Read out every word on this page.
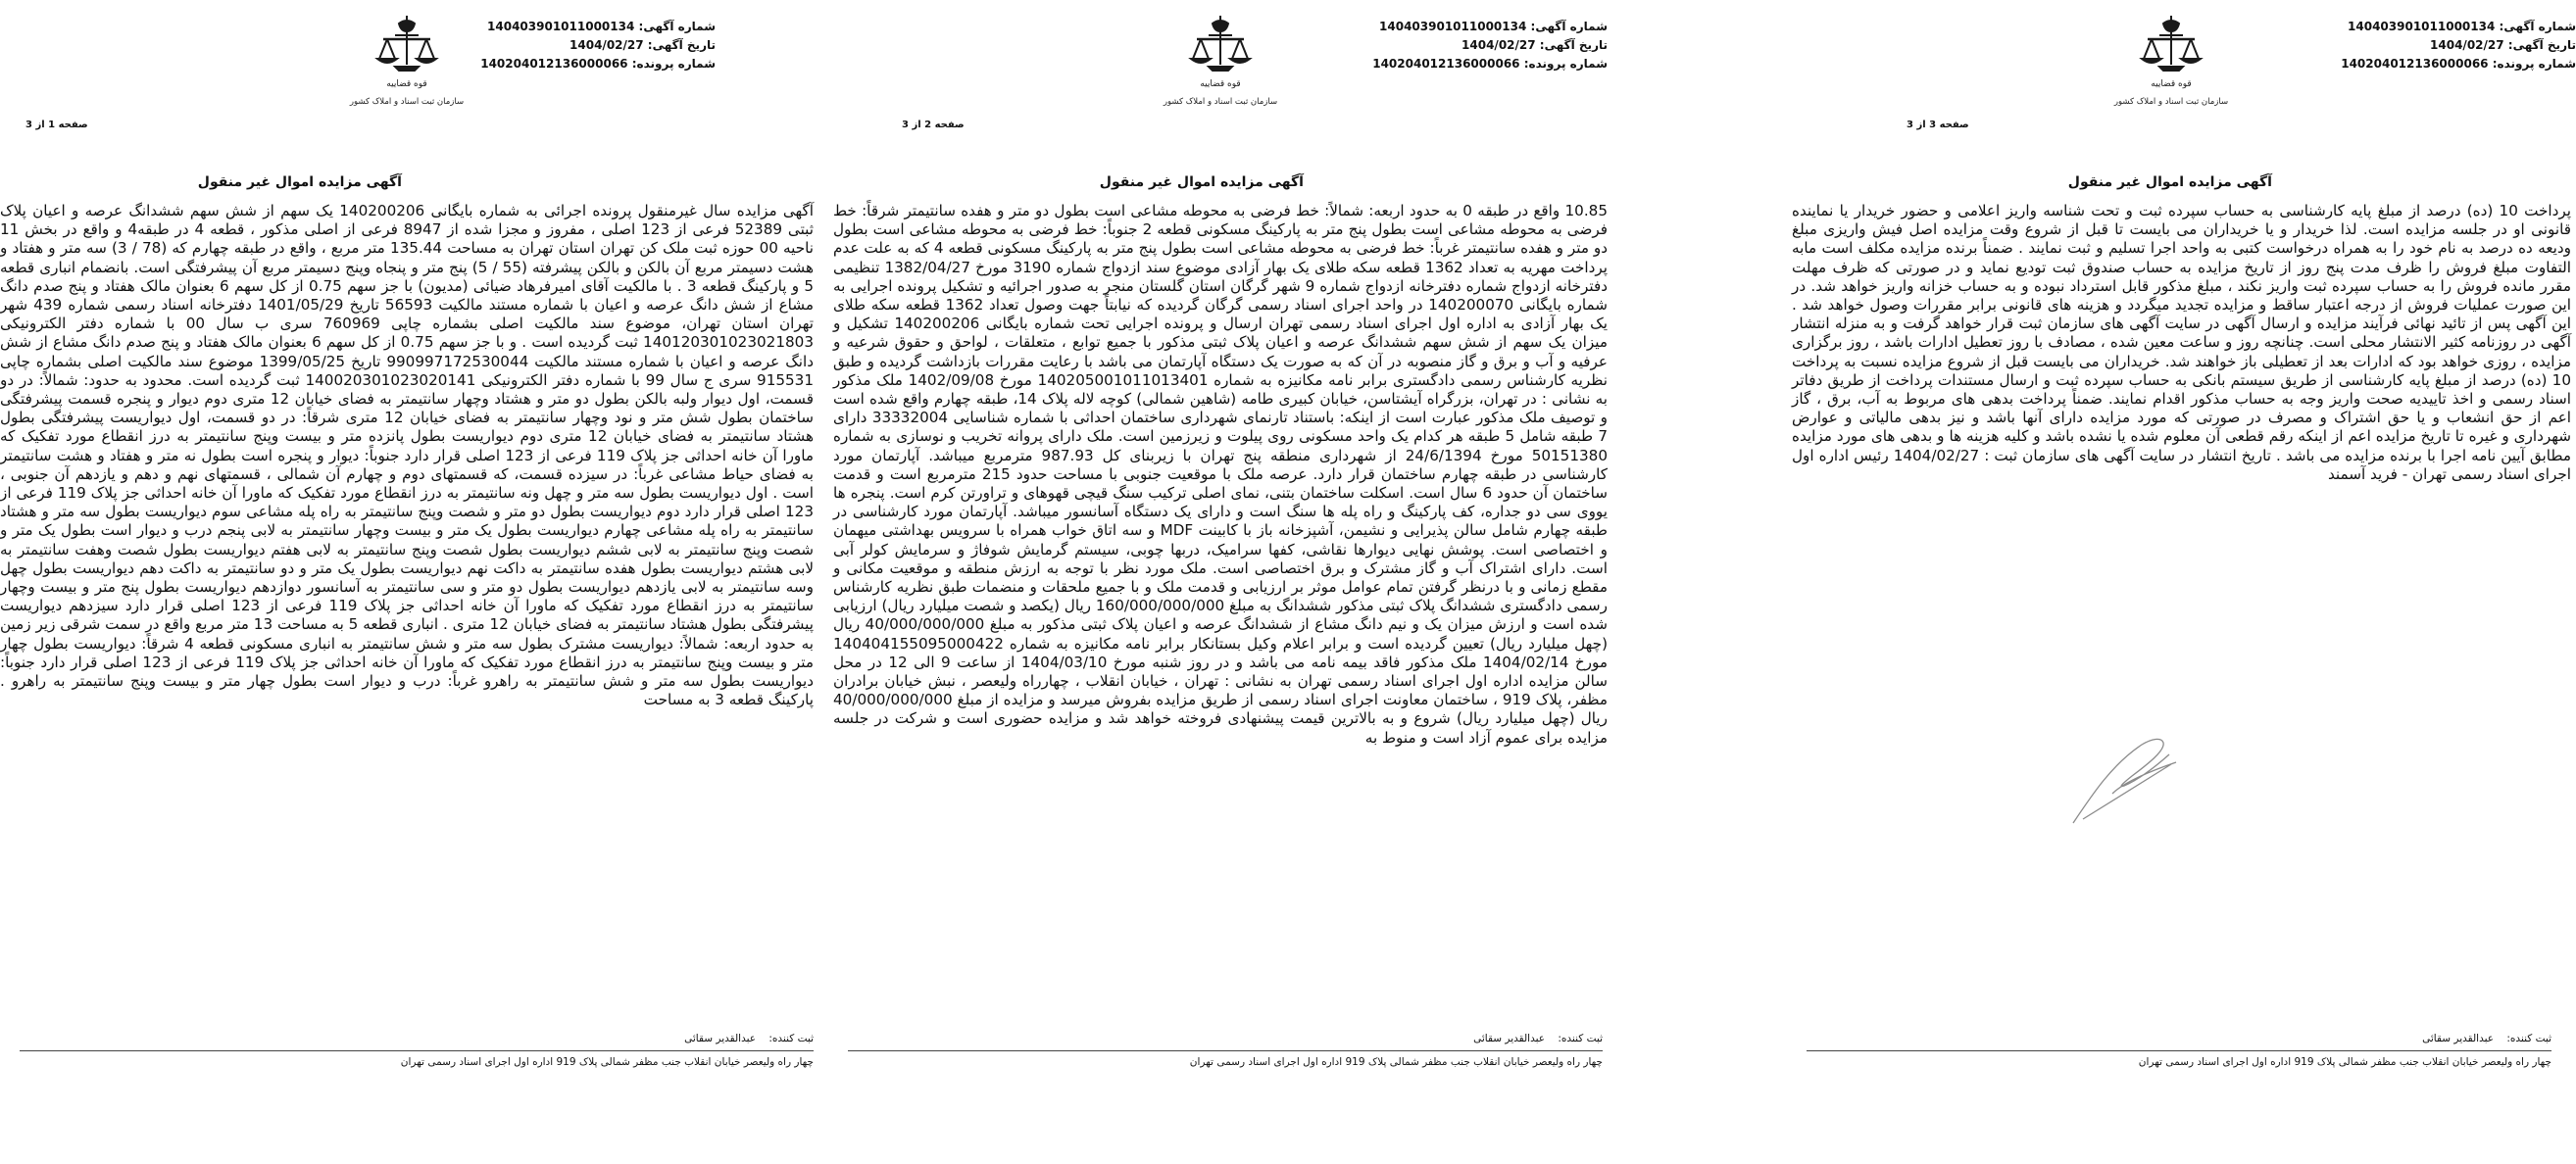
قوه قضاییه
سازمان ثبت اسناد و املاک کشور
شماره آگهی: 140403901011000134
تاریخ آگهی: 1404/02/27
شماره پرونده: 140204012136000066
صفحه 3 از 3
آگهی مزایده اموال غیر منقول
پرداخت 10 (ده) درصد از مبلغ پایه کارشناسی به حساب سپرده ثبت و تحت شناسه واریز اعلامی و حضور خریدار یا نماینده قانونی او در جلسه مزایده است. لذا خریدار و یا خریداران می بایست تا قبل از شروع وقت مزایده اصل فیش واریزی مبلغ ودیعه ده درصد به نام خود را به همراه درخواست کتبی به واحد اجرا تسلیم و ثبت نمایند . ضمناً برنده مزایده مکلف است مابه التفاوت مبلغ فروش را ظرف مدت پنج روز از تاریخ مزایده به حساب صندوق ثبت تودیع نماید و در صورتی که ظرف مهلت مقرر مانده فروش را به حساب سپرده ثبت واریز نکند ، مبلغ مذکور قابل استرداد نبوده و به حساب خزانه واریز خواهد شد. در این صورت عملیات فروش از درجه اعتبار ساقط و مزایده تجدید میگردد و هزینه های قانونی برابر مقررات وصول خواهد شد . این آگهی پس از تائید نهائی فرآیند مزایده و ارسال آگهی در سایت آگهی های سازمان ثبت قرار خواهد گرفت و به منزله انتشار آگهی در روزنامه کثیر الانتشار محلی است. چنانچه روز و ساعت معین شده ، مصادف با روز تعطیل ادارات باشد ، روز برگزاری مزایده ، روزی خواهد بود که ادارات بعد از تعطیلی باز خواهند شد. خریداران می بایست قبل از شروع مزایده نسبت به پرداخت 10 (ده) درصد از مبلغ پایه کارشناسی از طریق سیستم بانکی به حساب سپرده ثبت و ارسال مستندات پرداخت از طریق دفاتر اسناد رسمی و اخذ تاییدیه صحت واریز وجه به حساب مذکور اقدام نمایند. ضمناً پرداخت بدهی های مربوط به آب، برق ، گاز اعم از حق انشعاب و یا حق اشتراک و مصرف در صورتی که مورد مزایده دارای آنها باشد و نیز بدهی مالیاتی و عوارض شهرداری و غیره تا تاریخ مزایده اعم از اینکه رقم قطعی آن معلوم شده یا نشده باشد و کلیه هزینه ها و بدهی های مورد مزایده مطابق آیین نامه اجرا با برنده مزایده می باشد . تاریخ انتشار در سایت آگهی های سازمان ثبت : 1404/02/27 رئیس اداره اول اجرای اسناد رسمی تهران - فرید آسمند
ثبت کننده:    عبدالقدیر سقائی
چهار راه ولیعصر خیابان انقلاب جنب مظفر شمالی پلاک 919 اداره اول اجرای اسناد رسمی تهران
قوه قضاییه
سازمان ثبت اسناد و املاک کشور
شماره آگهی: 140403901011000134
تاریخ آگهی: 1404/02/27
شماره پرونده: 140204012136000066
صفحه 2 از 3
آگهی مزایده اموال غیر منقول
10.85 واقع در طبقه 0 به حدود اربعه: شمالاً: خط فرضی به محوطه مشاعی است بطول دو متر و هفده سانتیمتر شرقاً: خط فرضی به محوطه مشاعی است بطول پنج متر به پارکینگ مسکونی قطعه 2 جنوباً: خط فرضی به محوطه مشاعی است بطول دو متر و هفده سانتیمتر غرباً: خط فرضی به محوطه مشاعی است بطول پنج متر به پارکینگ مسکونی قطعه 4 که به علت عدم پرداخت مهریه به تعداد 1362 قطعه سکه طلای یک بهار آزادی موضوع سند ازدواج شماره 3190 مورخ 1382/04/27 تنظیمی دفترخانه ازدواج شماره دفترخانه ازدواج شماره 9 شهر گرگان استان گلستان منجر به صدور اجرائیه و تشکیل پرونده اجرایی به شماره بایگانی 140200070 در واحد اجرای اسناد رسمی گرگان گردیده که نیابتاً جهت وصول تعداد 1362 قطعه سکه طلای یک بهار آزادی به اداره اول اجرای اسناد رسمی تهران ارسال و پرونده اجرایی تحت شماره بایگانی 140200206 تشکیل و میزان یک سهم از شش سهم ششدانگ عرصه و اعیان پلاک ثبتی مذکور با جمیع توابع ، متعلقات ، لواحق و حقوق شرعیه و عرفیه و آب و برق و گاز منصوبه در آن که به صورت یک دستگاه آپارتمان می باشد با رعایت مقررات بازداشت گردیده و طبق نظریه کارشناس رسمی دادگستری برابر نامه مکانیزه به شماره 140205001011013401 مورخ 1402/09/08 ملک مذکور به نشانی : در تهران، بزرگراه آیشتاسن، خیابان کبیری طامه (شاهین شمالی) کوچه لاله پلاک 14، طبقه چهارم واقع شده است و توصیف ملک مذکور عبارت است از اینکه: باستناد تارنمای شهرداری ساختمان احداثی با شماره شناسایی 33332004 دارای 7 طبقه شامل 5 طبقه هر کدام یک واحد مسکونی روی پیلوت و زیرزمین است. ملک دارای پروانه تخریب و نوسازی به شماره 50151380 مورخ 24/6/1394 از شهرداری منطقه پنج تهران با زیربنای کل 987.93 مترمربع میباشد. آپارتمان مورد کارشناسی در طبقه چهارم ساختمان قرار دارد. عرصه ملک با موقعیت جنوبی با مساحت حدود 215 مترمربع است و قدمت ساختمان آن حدود 6 سال است. اسکلت ساختمان بتنی، نمای اصلی ترکیب سنگ قیچی قهوهای و تراورتن کرم است. پنجره ها یووی سی دو جداره، کف پارکینگ و راه پله ها سنگ است و دارای یک دستگاه آسانسور میباشد. آپارتمان مورد کارشناسی در طبقه چهارم شامل سالن پذیرایی و نشیمن، آشپزخانه باز با کابینت MDF و سه اتاق خواب همراه با سرویس بهداشتی میهمان و اختصاصی است. پوشش نهایی دیوارها نقاشی، کفها سرامیک، دربها چوبی، سیستم گرمایش شوفاژ و سرمایش کولر آبی است. دارای اشتراک آب و گاز مشترک و برق اختصاصی است. ملک مورد نظر با توجه به ارزش منطقه و موقعیت مکانی و مقطع زمانی و با درنظر گرفتن تمام عوامل موثر بر ارزیابی و قدمت ملک و با جمیع ملحقات و منضمات طبق نظریه کارشناس رسمی دادگستری ششدانگ پلاک ثبتی مذکور ششدانگ به مبلغ 160/000/000/000 ریال (یکصد و شصت میلیارد ریال) ارزیابی شده است و ارزش میزان یک و نیم دانگ مشاع از ششدانگ عرصه و اعیان پلاک ثبتی مذکور به مبلغ 40/000/000/000 ریال (چهل میلیارد ریال) تعیین گردیده است و برابر اعلام وکیل بستانکار برابر نامه مکانیزه به شماره 140404155095000422 مورخ 1404/02/14 ملک مذکور فاقد بیمه نامه می باشد و در روز شنبه مورخ 1404/03/10 از ساعت 9 الی 12 در محل سالن مزایده اداره اول اجرای اسناد رسمی تهران به نشانی : تهران ، خیابان انقلاب ، چهارراه ولیعصر ، نبش خیابان برادران مظفر، پلاک 919 ، ساختمان معاونت اجرای اسناد رسمی از طریق مزایده بفروش میرسد و مزایده از مبلغ 40/000/000/000 ریال (چهل میلیارد ریال) شروع و به بالاترین قیمت پیشنهادی فروخته خواهد شد و مزایده حضوری است و شرکت در جلسه مزایده برای عموم آزاد است و منوط به
ثبت کننده:    عبدالقدیر سقائی
چهار راه ولیعصر خیابان انقلاب جنب مظفر شمالی پلاک 919 اداره اول اجرای اسناد رسمی تهران
قوه قضاییه
سازمان ثبت اسناد و املاک کشور
شماره آگهی: 140403901011000134
تاریخ آگهی: 1404/02/27
شماره پرونده: 140204012136000066
صفحه 1 از 3
آگهی مزایده اموال غیر منقول
آگهی مزایده سال غیرمنقول پرونده اجرائی به شماره بایگانی 140200206 یک سهم از شش سهم ششدانگ عرصه و اعیان پلاک ثبتی 52389 فرعی از 123 اصلی ، مفروز و مجزا شده از 8947 فرعی از اصلی مذکور ، قطعه 4 در طبقه4 و واقع در بخش 11 ناحیه 00 حوزه ثبت ملک کن تهران استان تهران به مساحت 135.44 متر مربع ، واقع در طبقه چهارم که (78 / 3) سه متر و هفتاد و هشت دسیمتر مربع آن بالکن و بالکن پیشرفته (55 / 5) پنج متر و پنجاه وپنج دسیمتر مربع آن پیشرفتگی است. بانضمام انباری قطعه 5 و پارکینگ قطعه 3 . با مالکیت آقای امیرفرهاد ضیائی (مدیون) با جز سهم 0.75 از کل سهم 6 بعنوان مالک هفتاد و پنج صدم دانگ مشاع از شش دانگ عرصه و اعیان با شماره مستند مالکیت 56593 تاریخ 1401/05/29 دفترخانه اسناد رسمی شماره 439 شهر تهران استان تهران، موضوع سند مالکیت اصلی بشماره چاپی 760969 سری ب سال 00 با شماره دفتر الکترونیکی 140120301023021803 ثبت گردیده است . و با جز سهم 0.75 از کل سهم 6 بعنوان مالک هفتاد و پنج صدم دانگ مشاع از شش دانگ عرصه و اعیان با شماره مستند مالکیت 990997172530044 تاریخ 1399/05/25 موضوع سند مالکیت اصلی بشماره چاپی 915531 سری ج سال 99 با شماره دفتر الکترونیکی 140020301023020141 ثبت گردیده است. محدود به حدود: شمالاً: در دو قسمت، اول دیوار ولبه بالکن بطول دو متر و هشتاد وچهار سانتیمتر به فضای خیابان 12 متری دوم دیوار و پنجره قسمت پیشرفتگی ساختمان بطول شش متر و نود وچهار سانتیمتر به فضای خیابان 12 متری شرقاً: در دو قسمت، اول دیواریست پیشرفتگی بطول هشتاد سانتیمتر به فضای خیابان 12 متری دوم دیواریست بطول پانزده متر و بیست وپنج سانتیمتر به درز انقطاع مورد تفکیک که ماورا آن خانه احداثی جز پلاک 119 فرعی از 123 اصلی قرار دارد جنوباً: دیوار و پنجره است بطول نه متر و هفتاد و هشت سانتیمتر به فضای حیاط مشاعی غرباً: در سیزده قسمت، که قسمتهای دوم و چهارم آن شمالی ، قسمتهای نهم و دهم و یازدهم آن جنوبی ، است . اول دیواریست بطول سه متر و چهل ونه سانتیمتر به درز انقطاع مورد تفکیک که ماورا آن خانه احداثی جز پلاک 119 فرعی از 123 اصلی قرار دارد دوم دیواریست بطول دو متر و شصت وپنج سانتیمتر به راه پله مشاعی سوم دیواریست بطول سه متر و هشتاد سانتیمتر به راه پله مشاعی چهارم دیواریست بطول یک متر و بیست وچهار سانتیمتر به لابی پنجم درب و دیوار است بطول یک متر و شصت وپنج سانتیمتر به لابی ششم دیواریست بطول شصت وپنج سانتیمتر به لابی هفتم دیواریست بطول شصت وهفت سانتیمتر به لابی هشتم دیواریست بطول هفده سانتیمتر به داکت نهم دیواریست بطول یک متر و دو سانتیمتر به داکت دهم دیواریست بطول چهل وسه سانتیمتر به لابی یازدهم دیواریست بطول دو متر و سی سانتیمتر به آسانسور دوازدهم دیواریست بطول پنج متر و بیست وچهار سانتیمتر به درز انقطاع مورد تفکیک که ماورا آن خانه احداثی جز پلاک 119 فرعی از 123 اصلی قرار دارد سیزدهم دیواریست پیشرفتگی بطول هشتاد سانتیمتر به فضای خیابان 12 متری . انباری قطعه 5 به مساحت 13 متر مربع واقع در سمت شرقی زیر زمین به حدود اربعه: شمالاً: دیواریست مشترک بطول سه متر و شش سانتیمتر به انباری مسکونی قطعه 4 شرقاً: دیواریست بطول چهار متر و بیست وپنج سانتیمتر به درز انقطاع مورد تفکیک که ماورا آن خانه احداثی جز پلاک 119 فرعی از 123 اصلی قرار دارد جنوباً: دیواریست بطول سه متر و شش سانتیمتر به راهرو غرباً: درب و دیوار است بطول چهار متر و بیست وپنج سانتیمتر به راهرو . پارکینگ قطعه 3 به مساحت
ثبت کننده:    عبدالقدیر سقائی
چهار راه ولیعصر خیابان انقلاب جنب مظفر شمالی پلاک 919 اداره اول اجرای اسناد رسمی تهران
